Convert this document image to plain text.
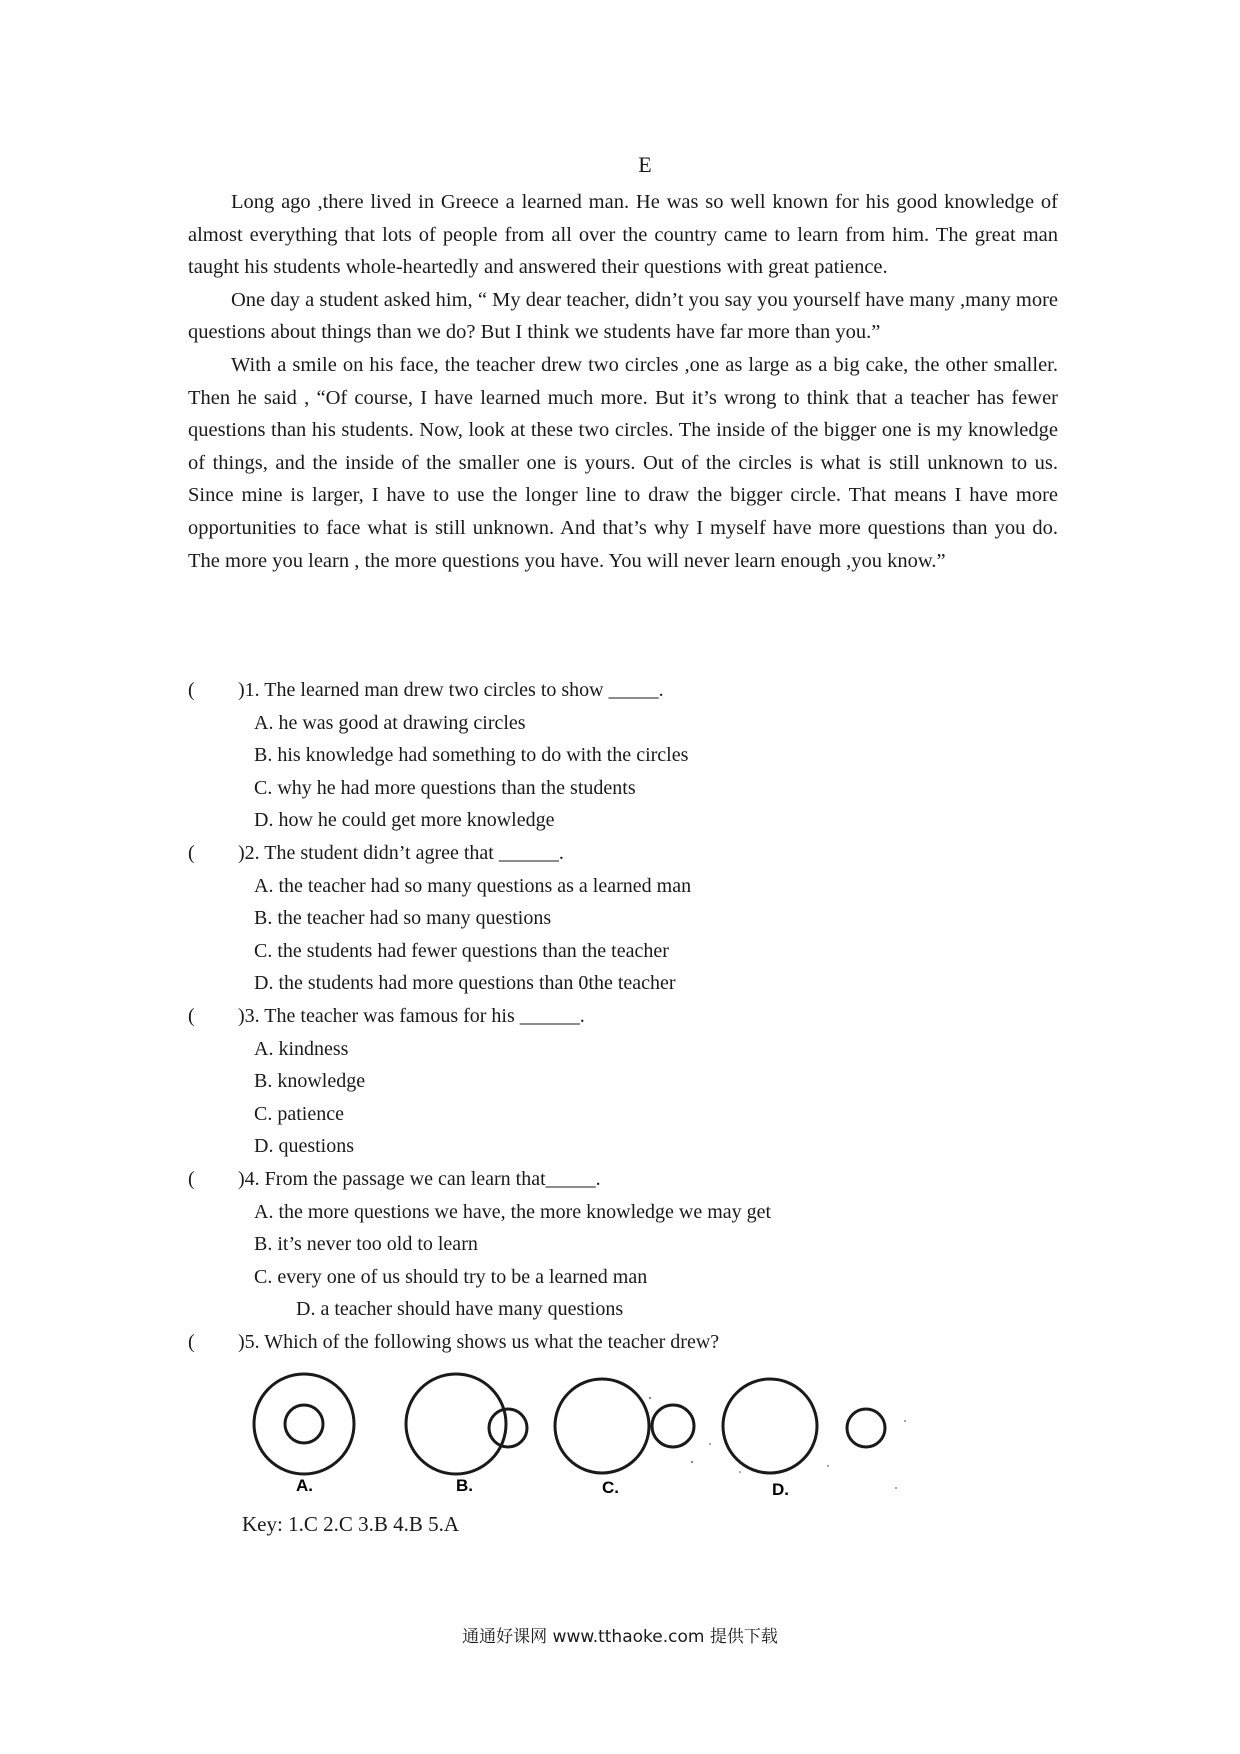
E

Long ago ,there lived in Greece a learned man. He was so well known for his good knowledge of almost everything that lots of people from all over the country came to learn from him. The great man taught his students whole-heartedly and answered their questions with great patience.

One day a student asked him, “ My dear teacher, didn’t you say you yourself have many ,many more questions about things than we do? But I think we students have far more than you.”

With a smile on his face, the teacher drew two circles ,one as large as a big cake, the other smaller. Then he said , “Of course, I have learned much more. But it’s wrong to think that a teacher has fewer questions than his students. Now, look at these two circles. The inside of the bigger one is my knowledge of things, and the inside of the smaller one is yours. Out of the circles is what is still unknown to us. Since mine is larger, I have to use the longer line to draw the bigger circle. That means I have more opportunities to face what is still unknown. And that’s why I myself have more questions than you do. The more you learn , the more questions you have. You will never learn enough ,you know.”

( )1. The learned man drew two circles to show _____.
A. he was good at drawing circles
B. his knowledge had something to do with the circles
C. why he had more questions than the students
D. how he could get more knowledge
( )2. The student didn’t agree that ______.
A. the teacher had so many questions as a learned man
B. the teacher had so many questions
C. the students had fewer questions than the teacher
D. the students had more questions than 0the teacher
( )3. The teacher was famous for his ______.
A. kindness
B. knowledge
C. patience
D. questions
( )4. From the passage we can learn that_____.
A. the more questions we have, the more knowledge we may get
B. it’s never too old to learn
C. every one of us should try to be a learned man
D. a teacher should have many questions
( )5. Which of the following shows us what the teacher drew?
A.	B.	C.	D.
Key: 1.C 2.C 3.B 4.B 5.A
通通好课网 www.tthaoke.com 提供下载
